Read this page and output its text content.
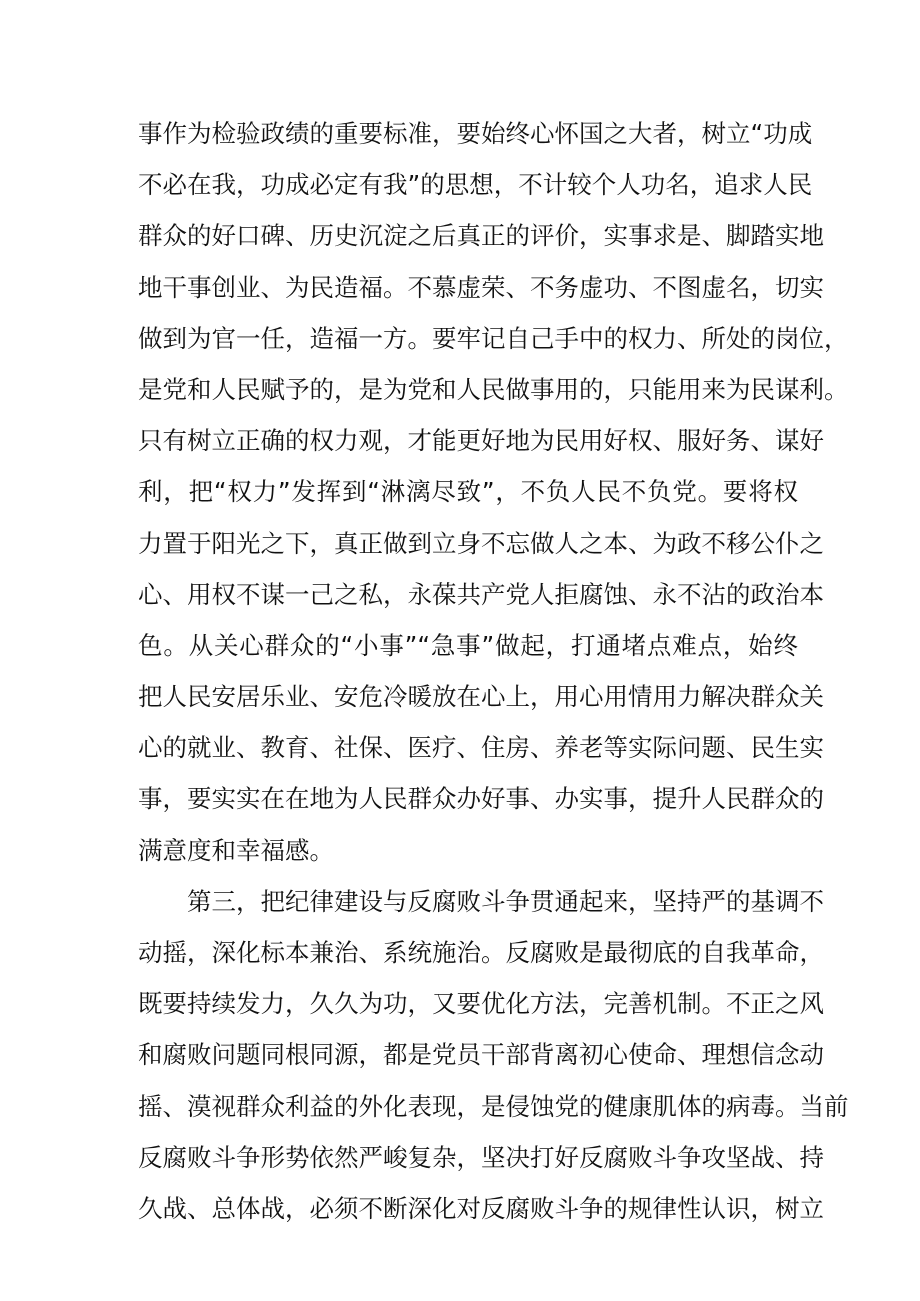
事作为检验政绩的重要标准，要始终心怀国之大者，树立“功成
不必在我，功成必定有我”的思想，不计较个人功名，追求人民
群众的好口碑、历史沉淀之后真正的评价，实事求是、脚踏实地
地干事创业、为民造福。不慕虚荣、不务虚功、不图虚名，切实
做到为官一任，造福一方。要牢记自己手中的权力、所处的岗位，
是党和人民赋予的，是为党和人民做事用的，只能用来为民谋利。
只有树立正确的权力观，才能更好地为民用好权、服好务、谋好
利，把“权力”发挥到“淋漓尽致”，不负人民不负党。要将权
力置于阳光之下，真正做到立身不忘做人之本、为政不移公仆之
心、用权不谋一己之私，永葆共产党人拒腐蚀、永不沾的政治本
色。从关心群众的“小事”“急事”做起，打通堵点难点，始终
把人民安居乐业、安危冷暖放在心上，用心用情用力解决群众关
心的就业、教育、社保、医疗、住房、养老等实际问题、民生实
事，要实实在在地为人民群众办好事、办实事，提升人民群众的
满意度和幸福感。
第三，把纪律建设与反腐败斗争贯通起来，坚持严的基调不
动摇，深化标本兼治、系统施治。反腐败是最彻底的自我革命，
既要持续发力，久久为功，又要优化方法，完善机制。不正之风
和腐败问题同根同源，都是党员干部背离初心使命、理想信念动
摇、漠视群众利益的外化表现，是侵蚀党的健康肌体的病毒。当前
反腐败斗争形势依然严峻复杂，坚决打好反腐败斗争攻坚战、持
久战、总体战，必须不断深化对反腐败斗争的规律性认识，树立
